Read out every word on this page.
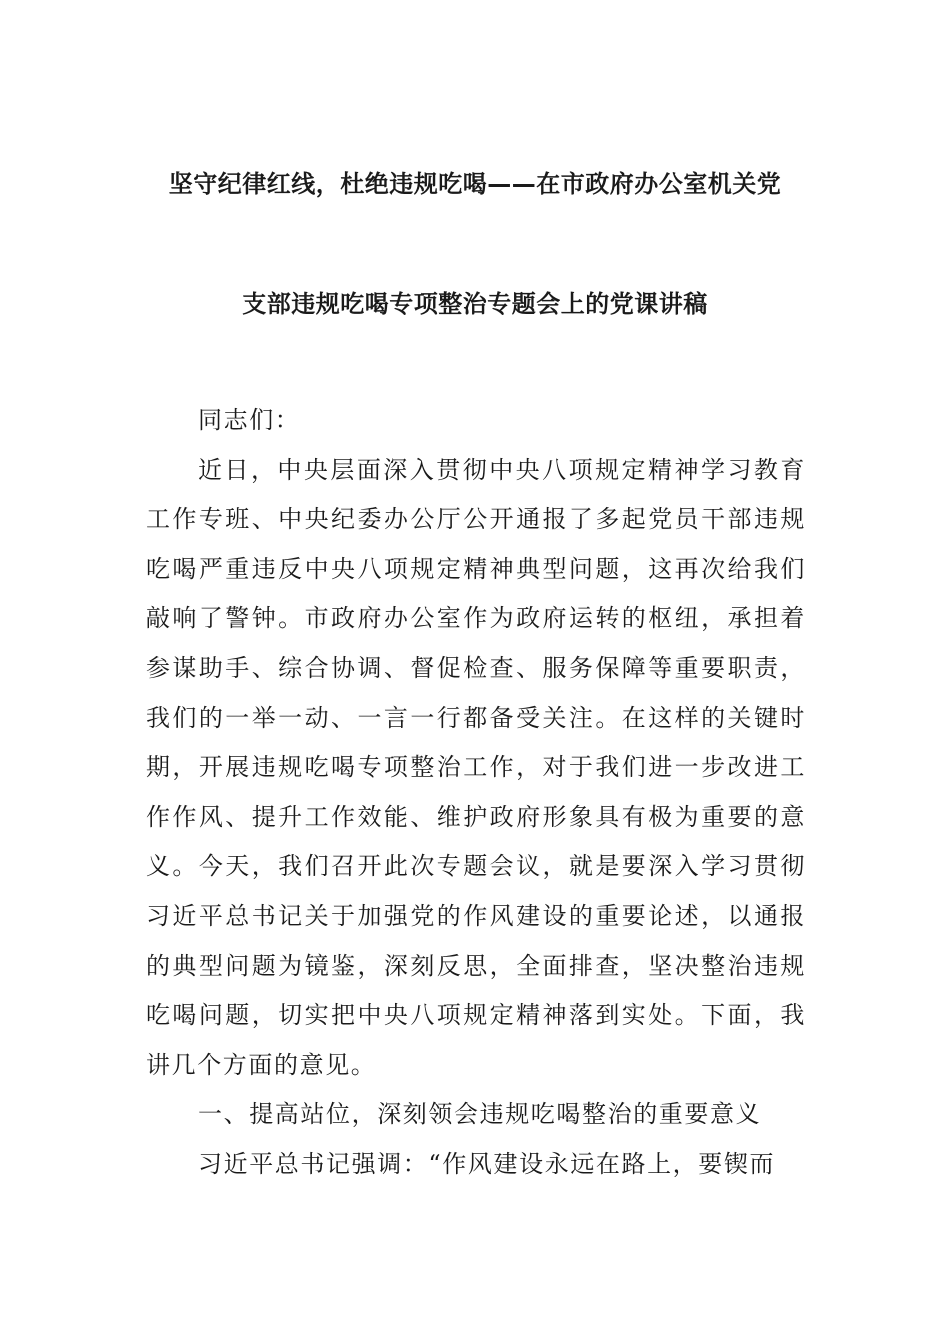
坚守纪律红线，杜绝违规吃喝——在市政府办公室机关党
支部违规吃喝专项整治专题会上的党课讲稿

同志们：

近日，中央层面深入贯彻中央八项规定精神学习教育工作专班、中央纪委办公厅公开通报了多起党员干部违规吃喝严重违反中央八项规定精神典型问题，这再次给我们敲响了警钟。市政府办公室作为政府运转的枢纽，承担着参谋助手、综合协调、督促检查、服务保障等重要职责，我们的一举一动、一言一行都备受关注。在这样的关键时期，开展违规吃喝专项整治工作，对于我们进一步改进工作作风、提升工作效能、维护政府形象具有极为重要的意义。今天，我们召开此次专题会议，就是要深入学习贯彻习近平总书记关于加强党的作风建设的重要论述，以通报的典型问题为镜鉴，深刻反思，全面排查，坚决整治违规吃喝问题，切实把中央八项规定精神落到实处。下面，我讲几个方面的意见。

一、提高站位，深刻领会违规吃喝整治的重要意义

习近平总书记强调：“作风建设永远在路上，要锲而
